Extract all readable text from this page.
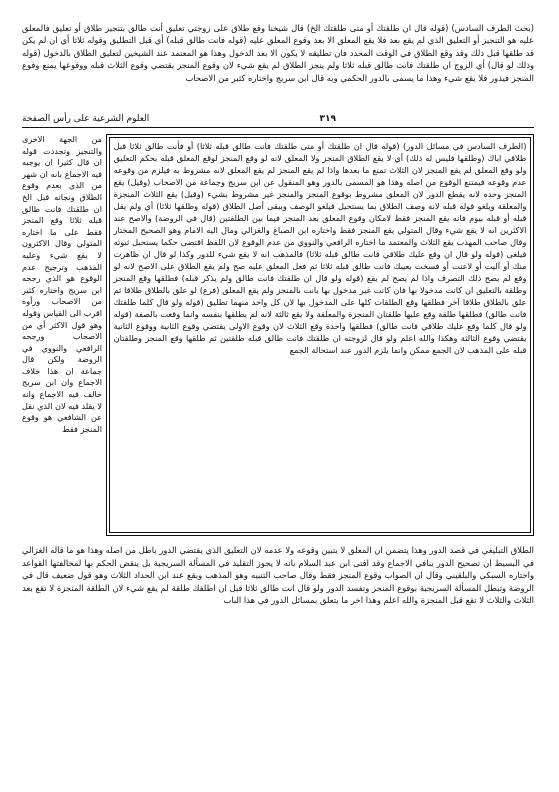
(بحث الطرف السادس) (قوله قال ان طلقتك أو متى طلقتك الخ) قال شيخنا وقع طلاق على زوجتي تعليق أنت طالق بتنجيز طلاق أو تعليق فالمعلق عليه هو التنجيز أو التعليق الذي لم يقع بعد فلا يقع المعلق الا بعد وقوع المعلق عليه (قوله فانت طالق قبله) أي قبل التطليق وقوله ثلاثا أي ان لم يكن قد طلقها قبل ذلك وقد وقع الطلاق في الوقت المحدد فان تطليقه لا يكون الا بعد الدخول وهذا هو المعتمد عند الشيخين لتعليق الطلاق بالدخول (قوله وذلك لو قال) أي الزوج ان طلقتك فانت طالق قبله ثلاثا ولم ينجز الطلاق لم يقع شيء لان وقوع المنجز يقتضي وقوع الثلاث قبله ووقوعها يمنع وقوع المنجز فيدور فلا يقع شيء وهذا ما يسمى بالدور الحكمي وبه قال ابن سريج واختاره كثير من الاصحاب

٣١٩
العلوم الشرعية على رأس الصفحة

من الجهة الاخرى والتنجيز وتجددت قوله ان قال كثيرا ان يوجبه فيه الاجماع بانه ان شهر من الذي بعدم وقوع الطلاق ونجاته قبل الخ ان طلقتك فانت طالق قبله ثلاثا وقع المنجز فقط على ما اختاره المتولي وقال الاكثرون لا يقع شيء وعليه المذهب وترجيح عدم الوقوع هو الذي رجحه ابن سريج واختاره كثير من الاصحاب ورأوه اقرب الى القياس وقوله وهو قول الاكثر أي من الاصحاب ورجحه الرافعي والنووي في الروضة ولكن قال جماعة ان هذا خلاف الاجماع وان ابن سريج خالف فيه الاجماع وانه لا يقلد فيه لان الذي نقل عن الشافعي هو وقوع المنجز فقط

(الطرف السادس في مسائل الدور) (قوله قال ان طلقتك أو متى طلقتك فانت طالق قبله ثلاثا) أو فأنت طالق ثلاثا قبل طلاقي اياك (وطلقها فليس له ذلك) أي لا يقع الطلاق المنجز ولا المعلق لانه لو وقع المنجز لوقع المعلق قبله بحكم التعليق ولو وقع المعلق لم يقع المنجز لان الثلاث تمنع ما بعدها واذا لم يقع المنجز لم يقع المعلق لانه مشروط به فيلزم من وقوعه عدم وقوعه فيمتنع الوقوع من اصله وهذا هو المسمى بالدور وهو المنقول عن ابن سريج وجماعة من الاصحاب (وقيل) يقع المنجز وحده لانه يقطع الدور لان المعلق مشروط بوقوع المنجز والمنجز غير مشروط بشيء (وقيل) يقع الثلاث المنجزة والمعلقة ويلغو قوله قبله لانه وصف الطلاق بما يستحيل فيلغو الوصف ويبقى أصل الطلاق (قوله وطلقها ثلاثا) أي ولم يقل قبله أو قبله بيوم فانه يقع المنجز فقط لامكان وقوع المعلق بعد المنجز فيما بين الطلقتين (قال في الروضة) والاصح عند الاكثرين انه لا يقع شيء وقال المتولي يقع المنجز فقط واختاره ابن الصباغ والغزالي ومال اليه الامام وهو الصحيح المختار وقال صاحب المهذب يقع الثلاث والمعتمد ما اختاره الرافعي والنووي من عدم الوقوع لان اللفظ اقتضى حكما يستحيل ثبوته فيلغى (قوله ولو قال ان وقع عليك طلاقي فانت طالق قبله ثلاثا) فالمذهب انه لا يقع شيء للدور وكذا لو قال ان ظاهرت منك أو آليت أو لاعنت أو فسخت بعيبك فانت طالق قبله ثلاثا ثم فعل المعلق عليه صح ولم يقع الطلاق على الاصح لانه لو وقع لم يصح ذلك التصرف واذا لم يصح لم يقع (قوله ولو قال ان طلقتك فانت طالق ولم يذكر قبله) فطلقها وقع المنجز وطلقة بالتعليق ان كانت مدخولا بها فان كانت غير مدخول بها بانت بالمنجز ولم يقع المعلق (فرع) لو علق بالطلاق طلاقا ثم علق بالطلاق طلاقا آخر فطلقها وقع الطلقات كلها على المدخول بها لان كل واحد منهما تطليق (قوله ولو قال كلما طلقتك فانت طالق) فطلقها طلقة وقع عليها طلقتان المنجزة والمعلقة ولا يقع ثالثة لانه لم يطلقها بنفسه وانما وقعت بالصفة (قوله ولو قال كلما وقع عليك طلاقي فانت طالق) فطلقها واحدة وقع الثلاث لان وقوع الاولى يقتضي وقوع الثانية ووقوع الثانية يقتضي وقوع الثالثة وهكذا والله اعلم ولو قال لزوجته ان طلقتك فانت طالق قبله طلقتين ثم طلقها وقع المنجز وطلقتان قبله على المذهب لان الجمع ممكن وانما يلزم الدور عند استحالة الجمع

الطلاق التبليغي في قصد الدور وهذا يتضمن ان المعلق لا يتبين وقوعه ولا عدمه لان التعليق الذي يقتضي الدور باطل من اصله وهذا هو ما قاله الغزالي في البسيط ان تصحيح الدور ينافي الاجماع وقد افتى ابن عبد السلام بانه لا يجوز التقليد في المسألة السريجية بل ينقض الحكم بها لمخالفتها القواعد واختاره السبكي والبلقيني وقال ان الصواب وقوع المنجز فقط وقال صاحب التنبيه وهو المذهب ويقع عند ابن الحداد الثلاث وهو قول ضعيف قال في الروضة وتبطل المسألة السريجية بوقوع المنجز وتفسد الدور ولو قال انت طالق ثلاثا قبل ان اطلقك طلقة لم يقع شيء لان الطلقة المنجزة لا تقع بعد الثلاث والثلاث لا تقع قبل المنجزة والله اعلم وهذا اخر ما يتعلق بمسائل الدور في هذا الباب
